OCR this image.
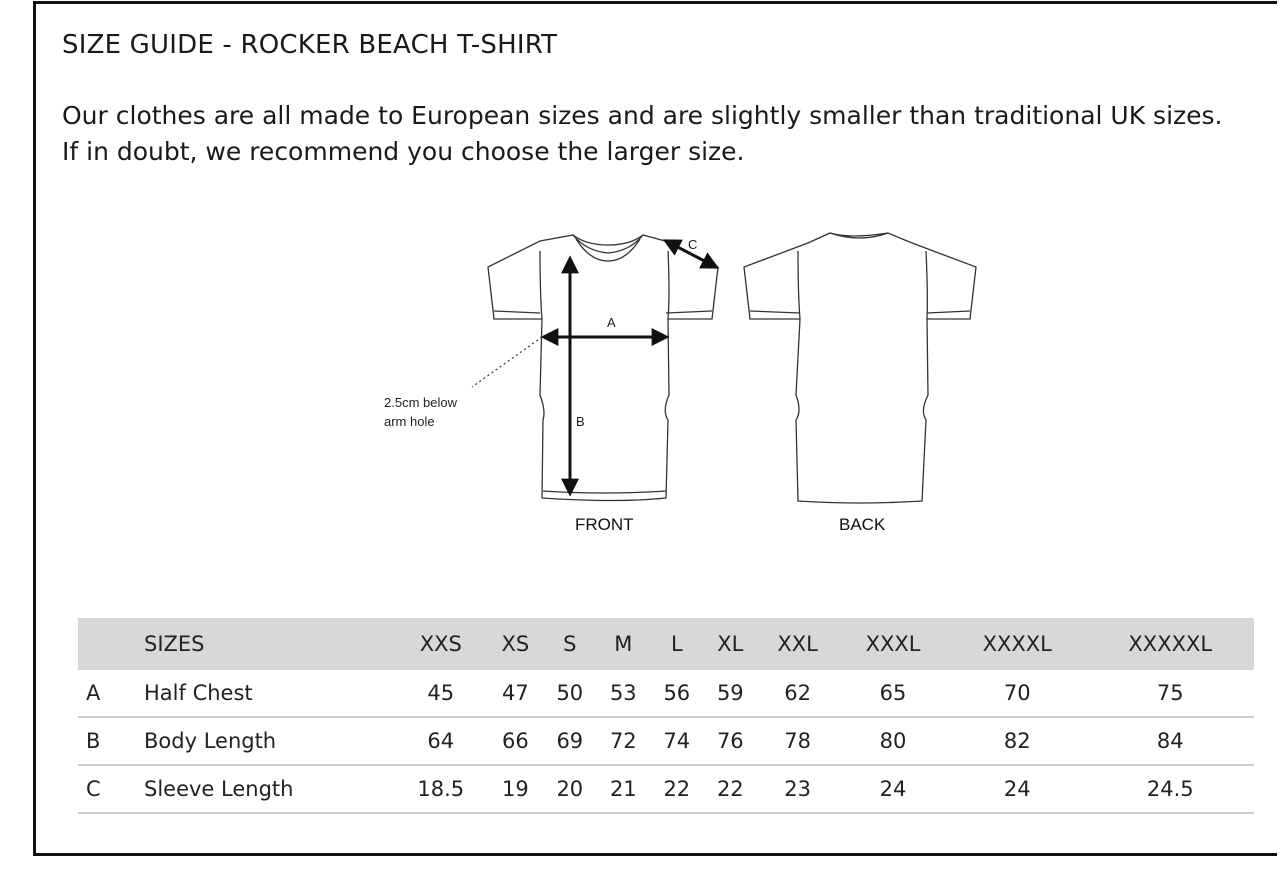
SIZE GUIDE - ROCKER BEACH T-SHIRT

Our clothes are all made to European sizes and are slightly smaller than traditional UK sizes. If in doubt, we recommend you choose the larger size.

A
B
C
2.5cm below
arm hole
FRONT	BACK
	SIZES	XXS	XS	S	M	L	XL	XXL	XXXL	XXXXL	XXXXXL
A	Half Chest	45	47	50	53	56	59	62	65	70	75
B	Body Length	64	66	69	72	74	76	78	80	82	84
C	Sleeve Length	18.5	19	20	21	22	22	23	24	24	24.5
